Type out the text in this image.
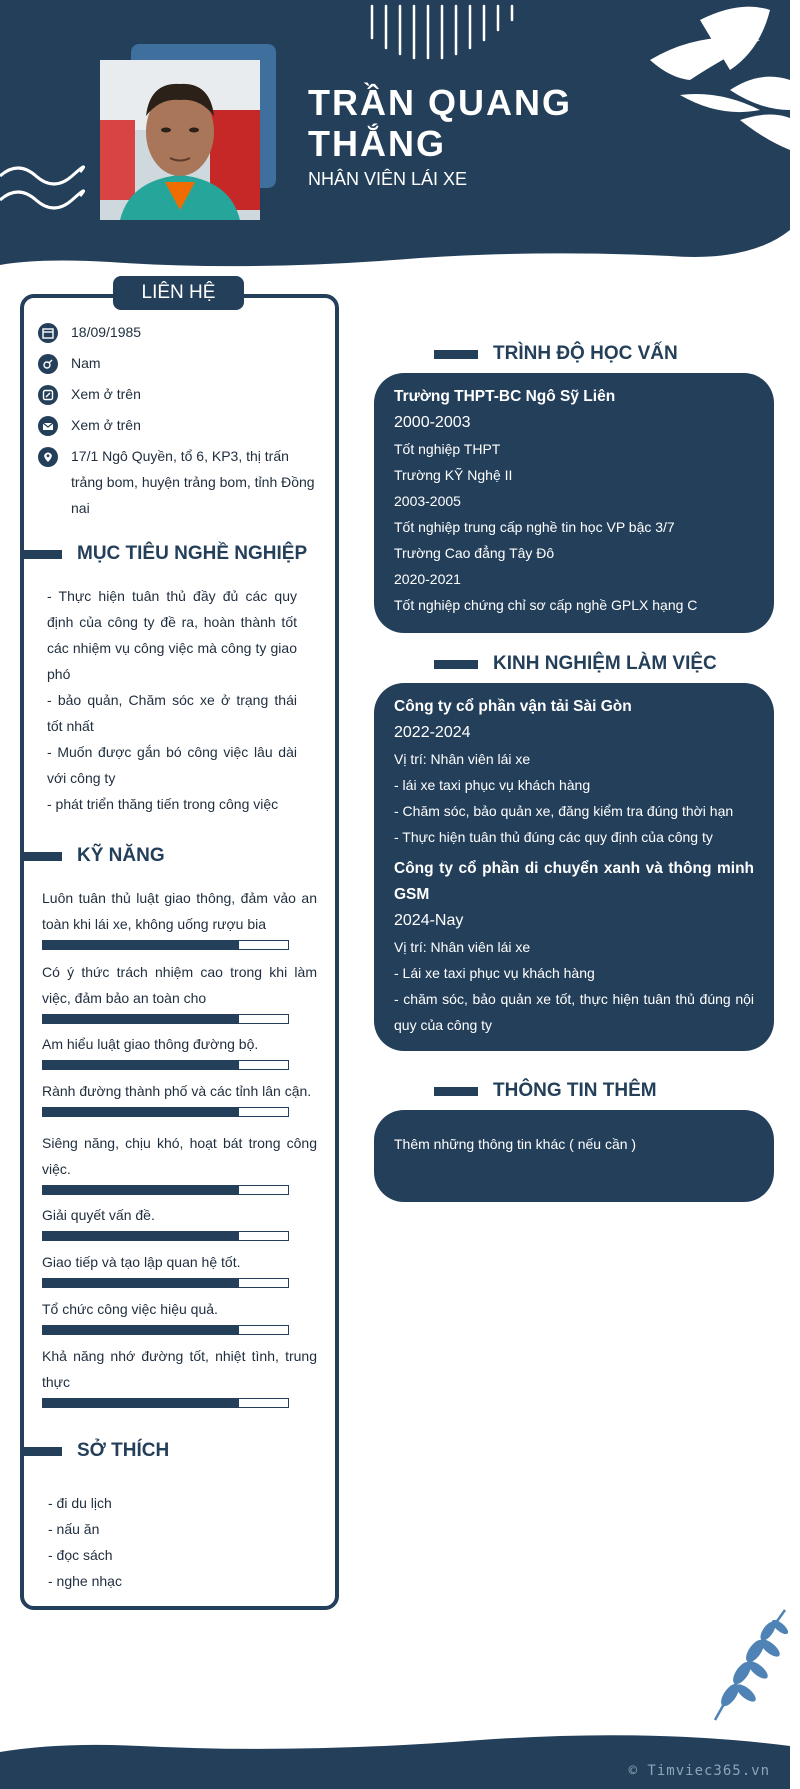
TRẦN QUANG
THẮNG
NHÂN VIÊN LÁI XE
LIÊN HỆ
18/09/1985
Nam
Xem ở trên
Xem ở trên
17/1 Ngô Quyền, tổ 6, KP3, thị trấn trảng bom, huyện trảng bom, tỉnh Đồng nai
MỤC TIÊU NGHỀ NGHIỆP

- Thực hiện tuân thủ đầy đủ các quy định của công ty đề ra, hoàn thành tốt các nhiệm vụ công việc mà công ty giao phó

- bảo quản, Chăm sóc xe ở trạng thái tốt nhất

- Muốn được gắn bó công việc lâu dài với công ty

- phát triển thăng tiến trong công việc

KỸ NĂNG
Luôn tuân thủ luật giao thông, đảm vảo an toàn khi lái xe, không uống rượu bia
Có ý thức trách nhiệm cao trong khi làm việc, đảm bảo an toàn cho
Am hiểu luật giao thông đường bộ.
Rành đường thành phố và các tỉnh lân cận.
Siêng năng, chịu khó, hoạt bát trong công việc.
Giải quyết vấn đề.
Giao tiếp và tạo lập quan hệ tốt.
Tổ chức công việc hiệu quả.
Khả năng nhớ đường tốt, nhiệt tình, trung thực
SỞ THÍCH
- đi du lịch
- nấu ăn
- đọc sách
- nghe nhạc
TRÌNH ĐỘ HỌC VẤN
Trường THPT-BC Ngô Sỹ Liên
2000-2003
Tốt nghiệp THPT
Trường KỸ Nghệ II
2003-2005
Tốt nghiệp trung cấp nghề tin học VP bậc 3/7
Trường Cao đẳng Tây Đô
2020-2021
Tốt nghiệp chứng chỉ sơ cấp nghề GPLX hạng C
KINH NGHIỆM LÀM VIỆC
Công ty cổ phần vận tải Sài Gòn
2022-2024
Vị trí: Nhân viên lái xe
- lái xe taxi phục vụ khách hàng
- Chăm sóc, bảo quản xe, đăng kiểm tra đúng thời hạn
- Thực hiện tuân thủ đúng các quy định của công ty
Công ty cổ phần di chuyển xanh và thông minh GSM
2024-Nay
Vị trí: Nhân viên lái xe
- Lái xe taxi phục vụ khách hàng
- chăm sóc, bảo quản xe tốt, thực hiện tuân thủ đúng nội quy của công ty
THÔNG TIN THÊM
Thêm những thông tin khác ( nếu cần )
© Timviec365.vn
